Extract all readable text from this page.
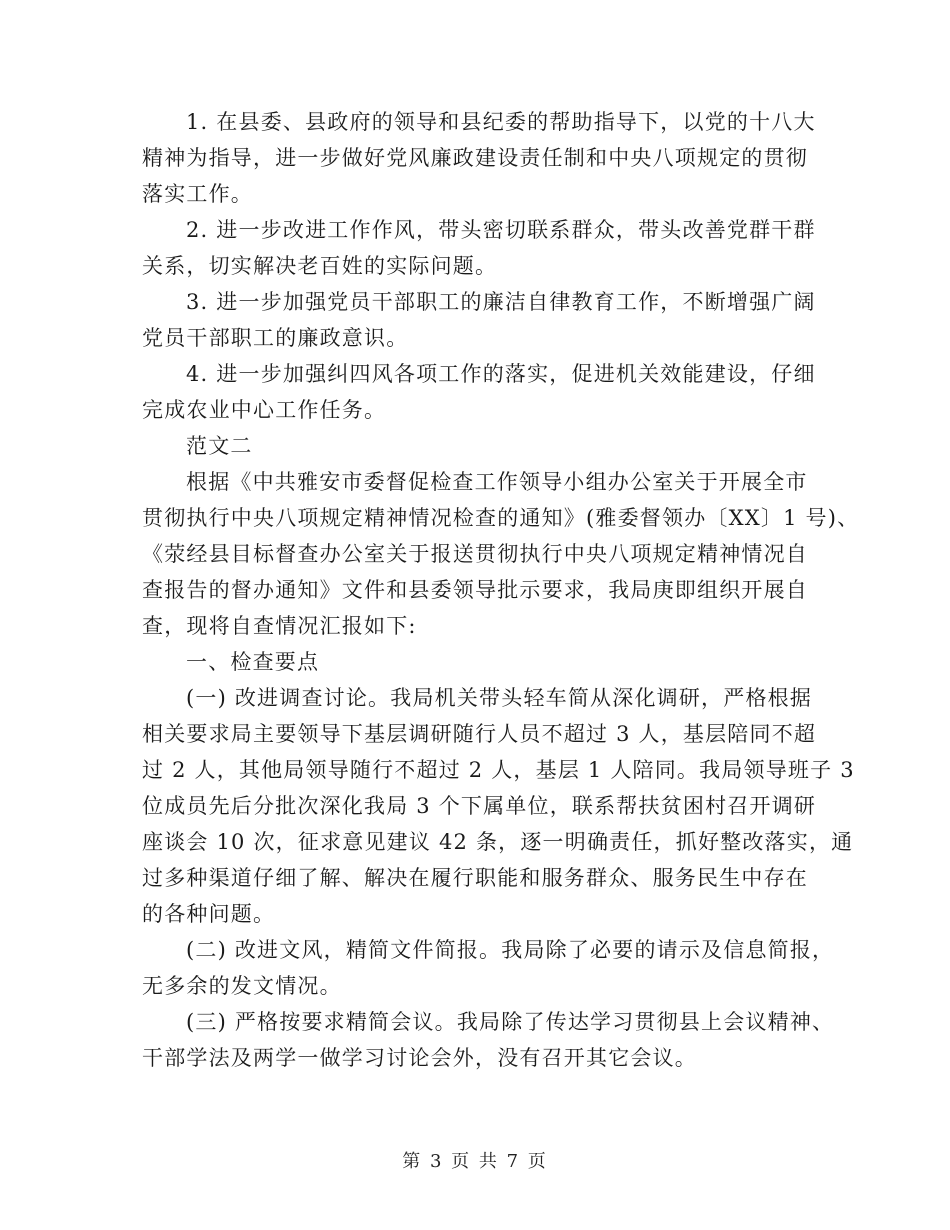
1. 在县委、县政府的领导和县纪委的帮助指导下，以党的十八大
精神为指导，进一步做好党风廉政建设责任制和中央八项规定的贯彻
落实工作。
2. 进一步改进工作作风，带头密切联系群众，带头改善党群干群
关系，切实解决老百姓的实际问题。
3. 进一步加强党员干部职工的廉洁自律教育工作，不断增强广阔
党员干部职工的廉政意识。
4. 进一步加强纠四风各项工作的落实，促进机关效能建设，仔细
完成农业中心工作任务。
范文二
根据《中共雅安市委督促检查工作领导小组办公室关于开展全市
贯彻执行中央八项规定精神情况检查的通知》(雅委督领办〔XX〕1 号)、
《荥经县目标督查办公室关于报送贯彻执行中央八项规定精神情况自
查报告的督办通知》文件和县委领导批示要求，我局庚即组织开展自
查，现将自查情况汇报如下:
一、检查要点
(一) 改进调查讨论。我局机关带头轻车简从深化调研，严格根据
相关要求局主要领导下基层调研随行人员不超过 3 人，基层陪同不超
过 2 人，其他局领导随行不超过 2 人，基层 1 人陪同。我局领导班子 3
位成员先后分批次深化我局 3 个下属单位，联系帮扶贫困村召开调研
座谈会 10 次，征求意见建议 42 条，逐一明确责任，抓好整改落实，通
过多种渠道仔细了解、解决在履行职能和服务群众、服务民生中存在
的各种问题。
(二) 改进文风，精简文件简报。我局除了必要的请示及信息简报，
无多余的发文情况。
(三) 严格按要求精简会议。我局除了传达学习贯彻县上会议精神、
干部学法及两学一做学习讨论会外，没有召开其它会议。
第 3 页 共 7 页
